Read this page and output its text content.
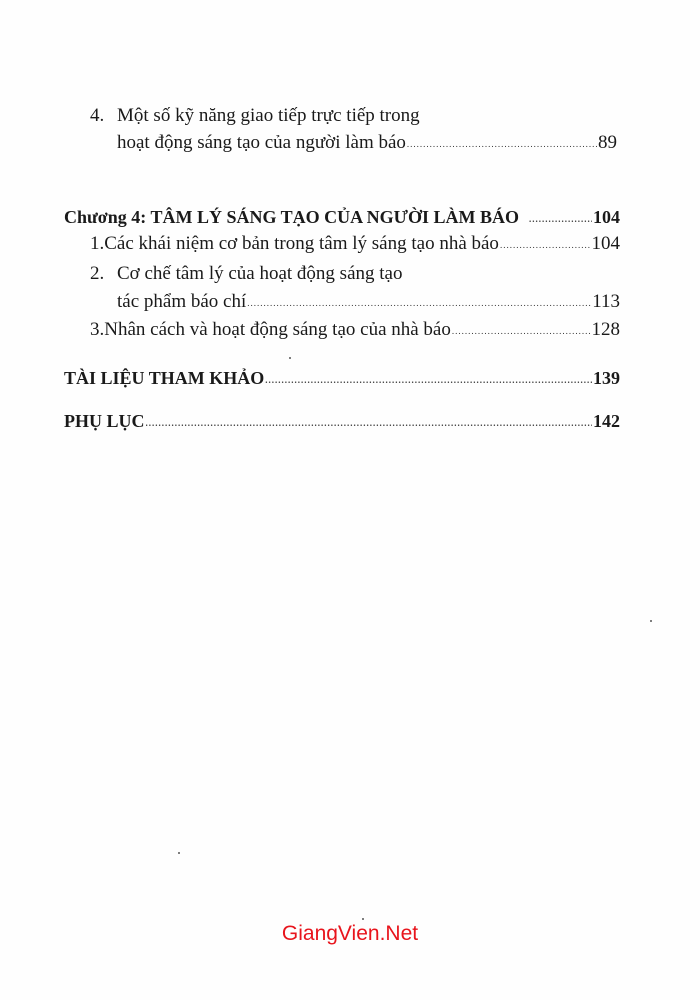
4. Một số kỹ năng giao tiếp trực tiếp trong
hoạt động sáng tạo của người làm báo .....	89
Chương 4: TÂM LÝ SÁNG TẠO CỦA NGƯỜI LÀM BÁO .....	104
1. Các khái niệm cơ bản trong tâm lý sáng tạo nhà báo .....	104
2. Cơ chế tâm lý của hoạt động sáng tạo
tác phẩm báo chí .....	113
3. Nhân cách và hoạt động sáng tạo của nhà báo .....	128
TÀI LIỆU THAM KHẢO .....	139
PHỤ LỤC .....	142
GiangVien.Net
